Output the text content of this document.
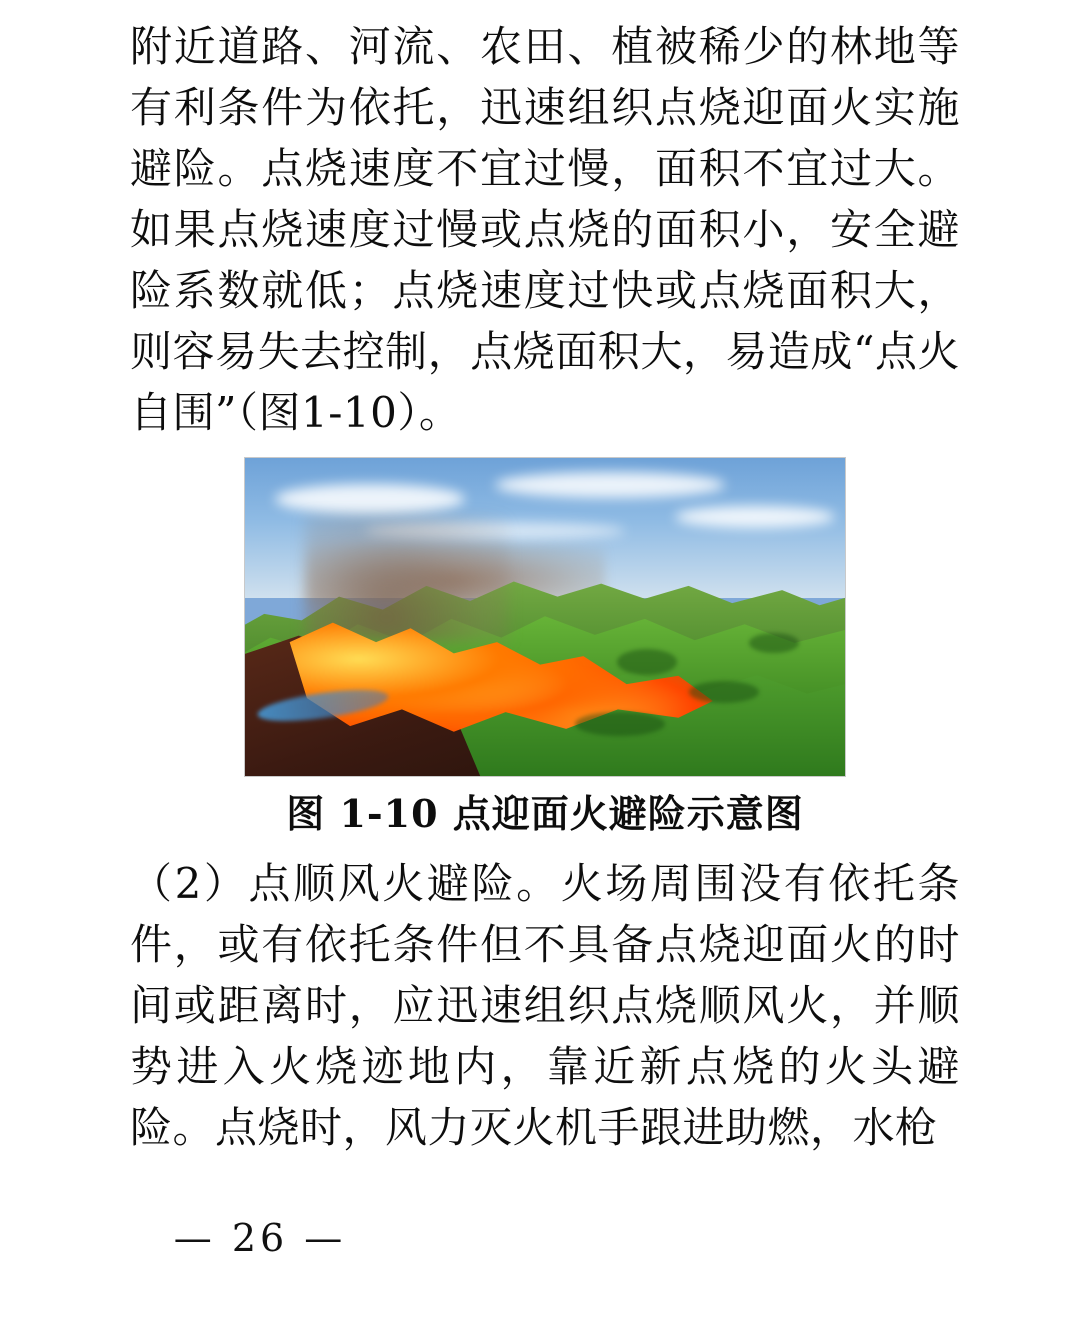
附近道路、河流、农田、植被稀少的林地等有利条件为依托，迅速组织点烧迎面火实施避险。点烧速度不宜过慢，面积不宜过大。如果点烧速度过慢或点烧的面积小，安全避险系数就低；点烧速度过快或点烧面积大，则容易失去控制，点烧面积大，易造成“点火自围”（图1-10）。

图 1-10 点迎面火避险示意图

（2）点顺风火避险。火场周围没有依托条件，或有依托条件但不具备点烧迎面火的时间或距离时，应迅速组织点烧顺风火，并顺势进入火烧迹地内，靠近新点烧的火头避险。点烧时，风力灭火机手跟进助燃，水枪

— 26 —
